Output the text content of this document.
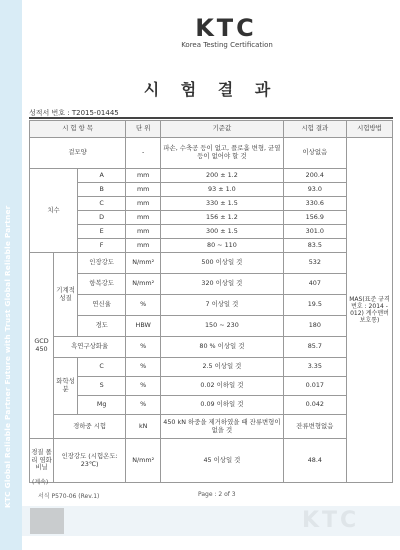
KTC Global Reliable Partner Future with Trust Global Reliable Partner
KTC
Korea Testing Certification
시 험 결 과
성적서 번호 : T2015-01445
시 험 항 목			단 위	기준값	시험 결과	시험방법
겉모양			-	파손, 수축공 등이 없고, 플로흘 변형, 균열 등이 없어야 할 것	이상없음	MAS(표준 규격 번호 : 2014 - 012) 계수맨버 보호통)
치수		A	mm	200 ± 1.2	200.4	
		B	mm	93 ± 1.0	93.0	
		C	mm	330 ± 1.5	330.6	
		D	mm	156 ± 1.2	156.9	
		E	mm	300 ± 1.5	301.0	
		F	mm	80 ~ 110	83.5	
GCD 450	기계적 성질	인장강도	N/mm²	500 이상일 것	532	
		항복강도	N/mm²	320 이상일 것	407	
		연신율	%	7 이상일 것	19.5	
		경도	HBW	150 ~ 230	180	
	흑연구상화율		%	80 % 이상일 것	85.7	
	화학성 분	C	%	2.5 이상일 것	3.35	
		S	%	0.02 이하일 것	0.017	
		Mg	%	0.09 이하일 것	0.042	
	경하중 시험		kN	450 kN 하중을 제거하였을 때 잔류변형이 없을 것	잔류변형없음	
경질 폴리 염화 비닐	인장강도 (시험온도: 23℃)		N/mm²	45 이상일 것	48.4	
(계속)
서식 P570-06 (Rev.1)	Page : 2 of 3
KTC
